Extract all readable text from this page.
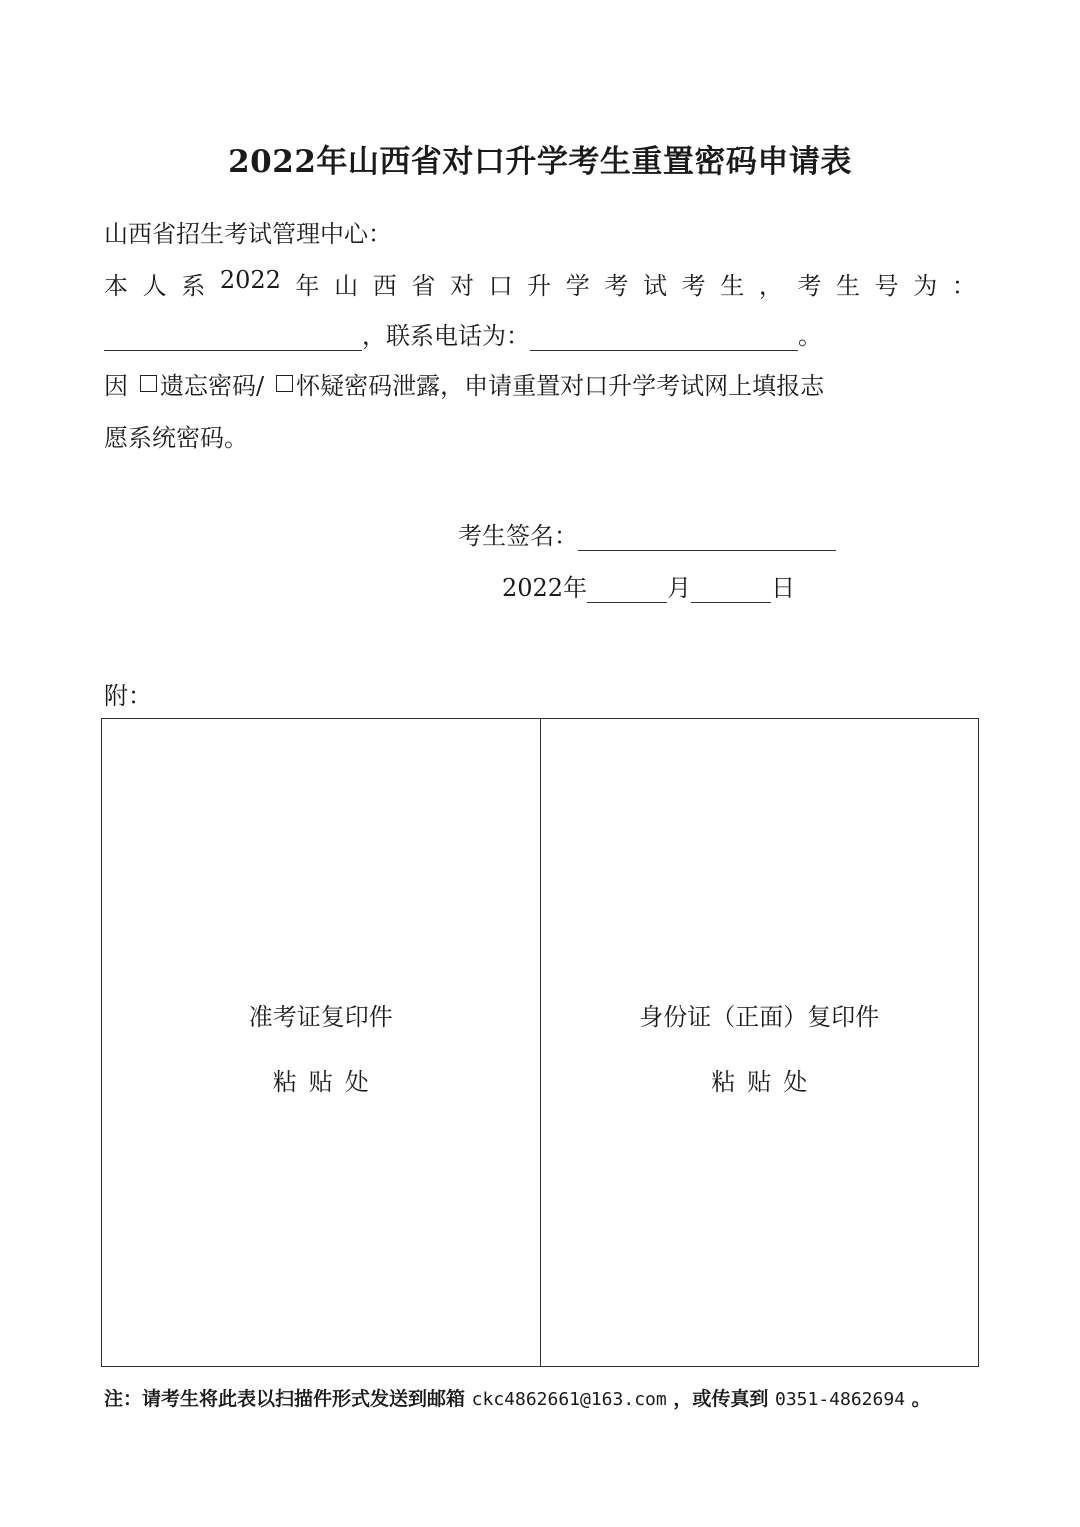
2022年山西省对口升学考生重置密码申请表
山西省招生考试管理中心：
本 人 系 2022 年 山 西 省 对 口 升 学 考 试 考 生 ， 考 生 号 为 ：
，联系电话为：	。
因 遗忘密码/ 怀疑密码泄露 ，申请重置对口升学考试网上填报志
愿系统密码。
考生签名：
2022年	月	日
附：
准考证复印件
粘贴处
身份证（正面）复印件
粘贴处
注：请考生将此表以扫描件形式发送到邮箱 ckc4862661@163.com ，或传真到 0351-4862694 。
